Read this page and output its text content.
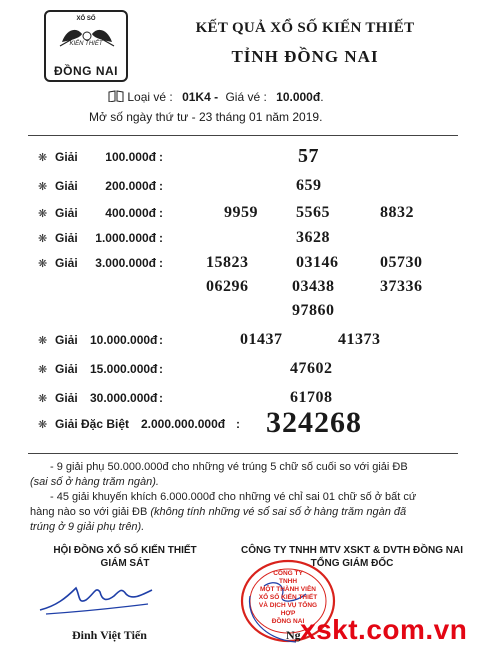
XỔ SỐ
KIẾN THIẾT
ĐỒNG NAI
KẾT QUẢ XỔ SỐ KIẾN THIẾT
TỈNH ĐỒNG NAI
Loại vé : 01K4 - Giá vé : 10.000đ.
Mở số ngày thứ tư - 23 tháng 01 năm 2019.
❋ Giải	100.000đ :	57
❋ Giải	200.000đ :	659
❋ Giải	400.000đ :	9959 5565	8832
❋ Giải	1.000.000đ :	3628
❋ Giải	3.000.000đ :	15823	03146	05730
06296	03438	37336
97860
❋ Giải 10.000.000đ :	01437	41373
❋ Giải 15.000.000đ :	47602
❋ Giải 30.000.000đ :	61708
❋ Giải Đặc Biệt 2.000.000.000đ : 324268
- 9 giải phụ 50.000.000đ cho những vé trúng 5 chữ số cuối so với giải ĐB
(sai số ở hàng trăm ngàn).
- 45 giải khuyến khích 6.000.000đ cho những vé chỉ sai 01 chữ số ở bất cứ
hàng nào so với giải ĐB (không tính những vé sổ sai số ở hàng trăm ngàn đã
trúng ở 9 giải phụ trên).
HỘI ĐỒNG XỔ SỐ KIẾN THIẾT
GIÁM SÁT
Đinh Việt Tiến
CÔNG TY TNHH MTV XSKT & DVTH ĐỒNG NAI
TỔNG GIÁM ĐỐC
CÔNG TY
TNHH
MỘT THÀNH VIÊN
XỔ SỐ KIẾN THIẾT
VÀ DỊCH VỤ TỔNG HỢP
ĐỒNG NAI
Ng xskt.com.vn
